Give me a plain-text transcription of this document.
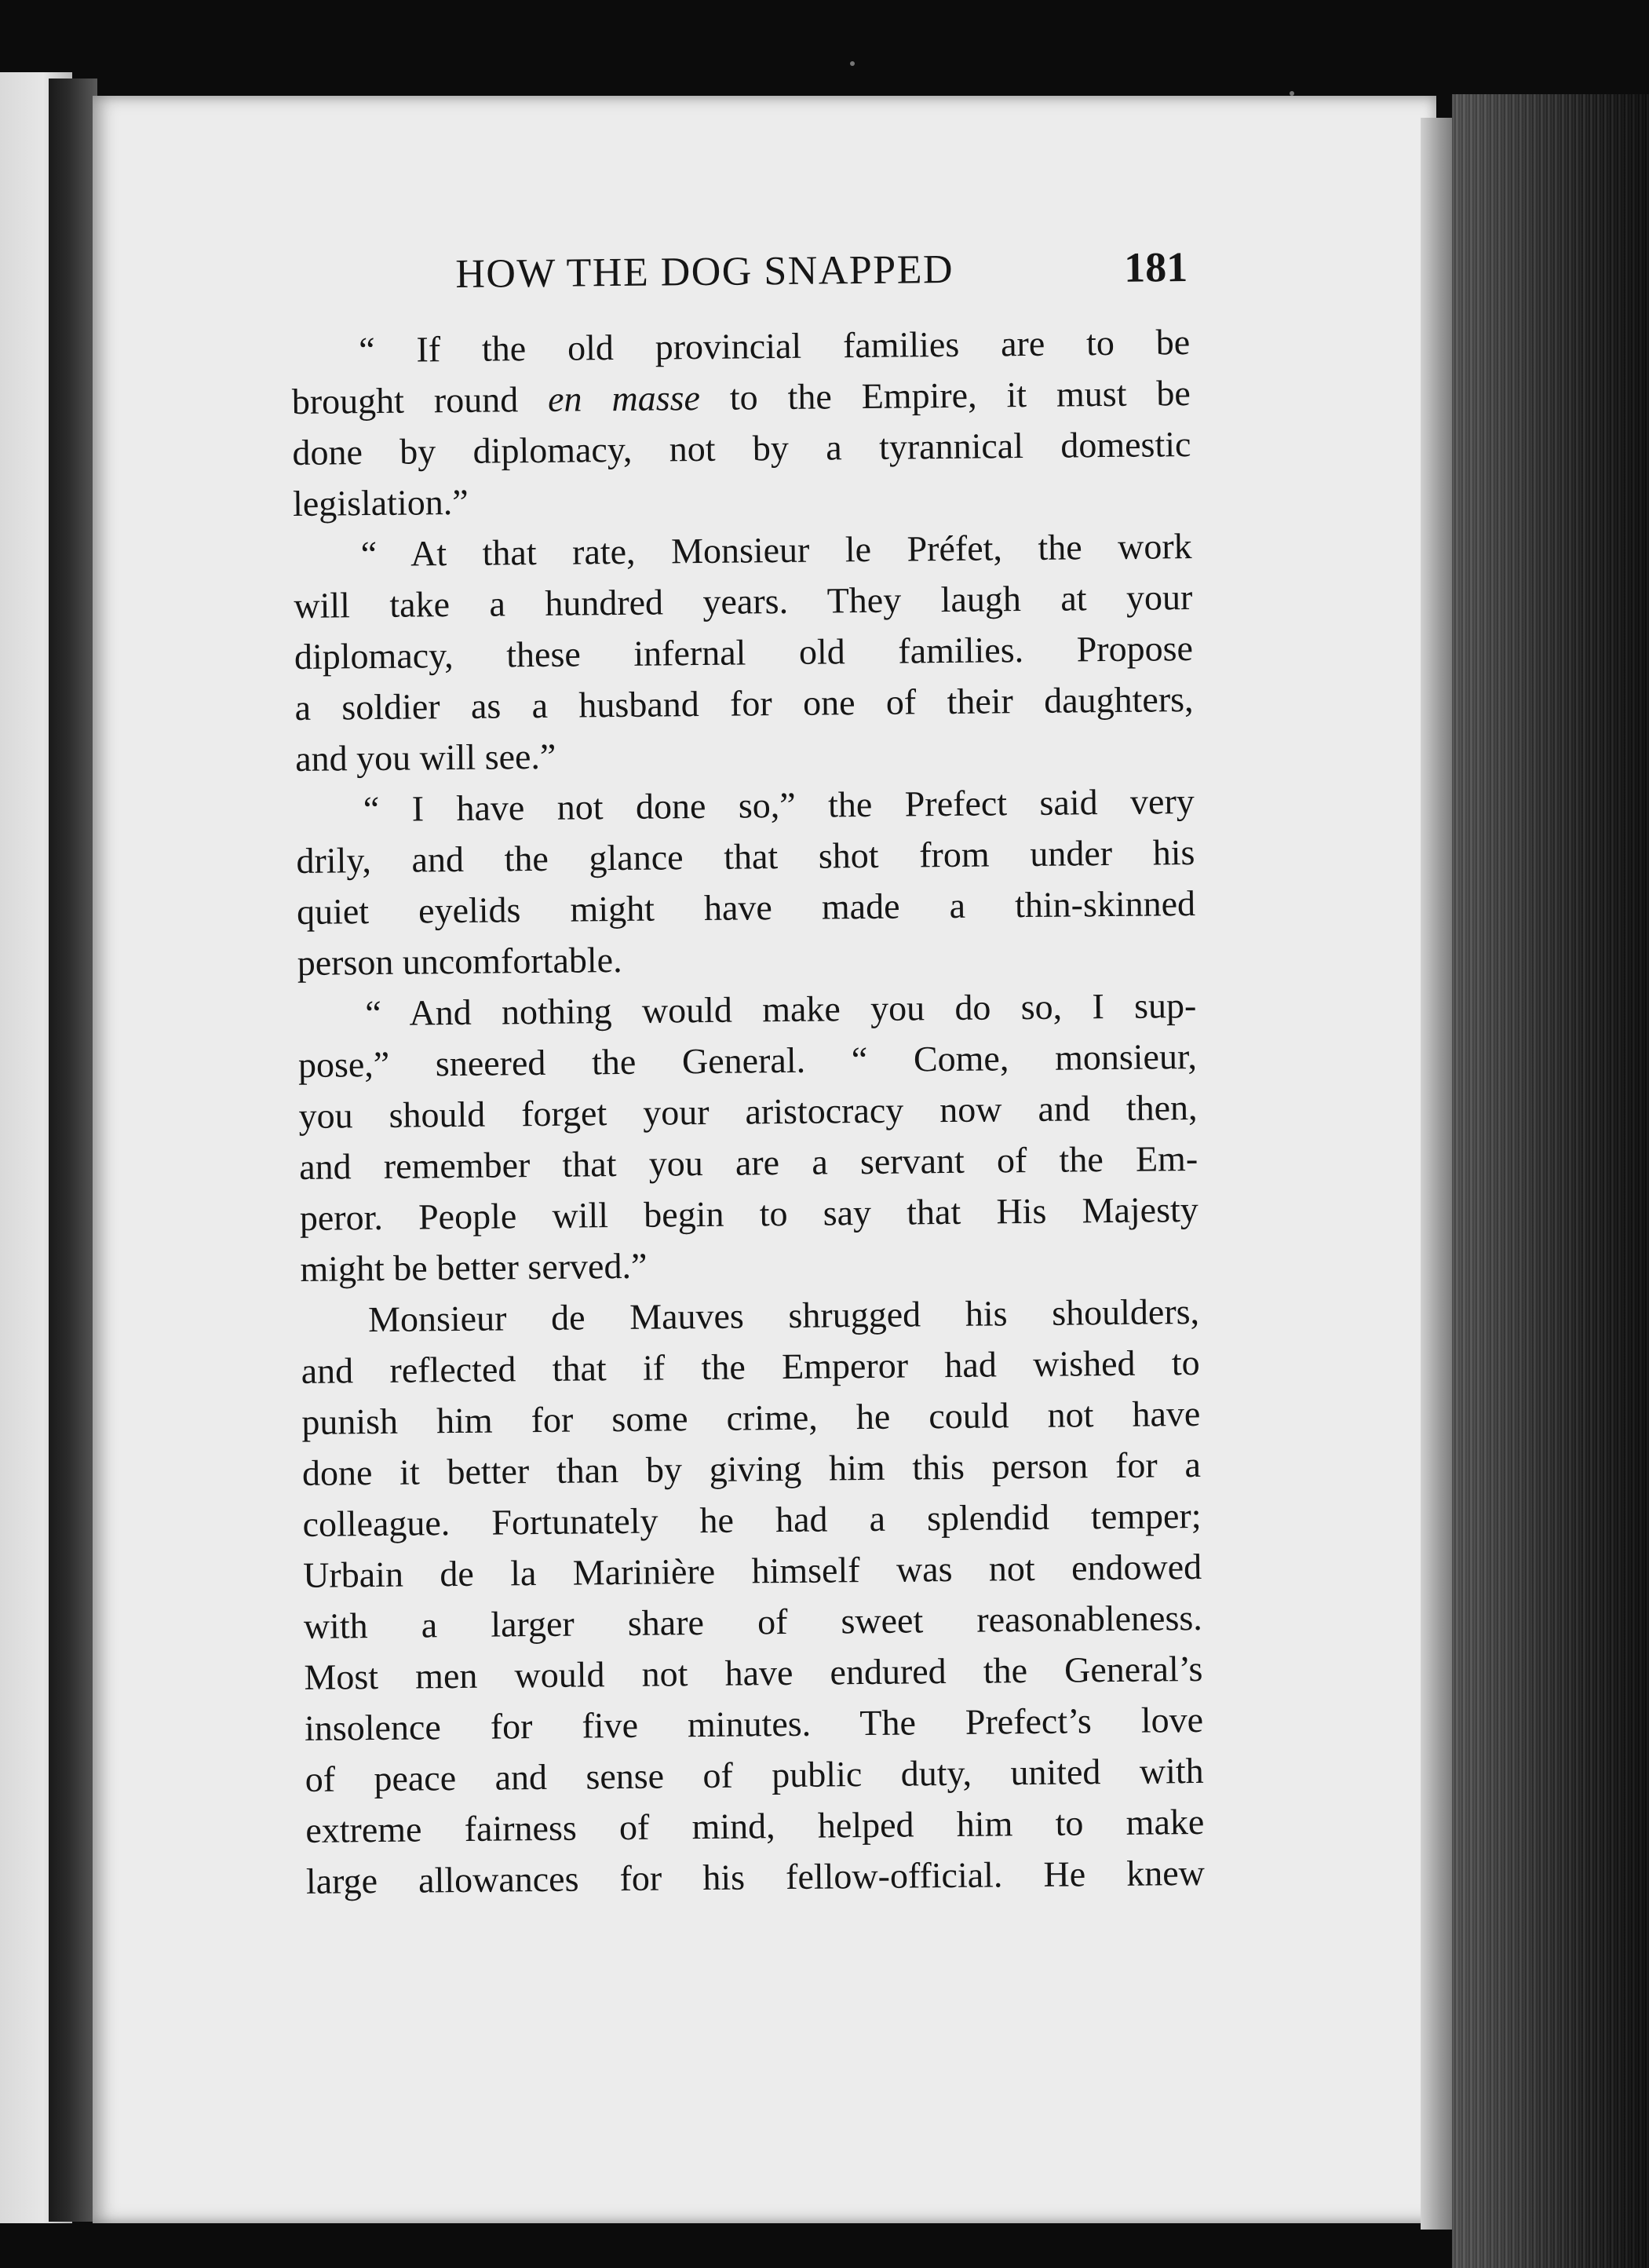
HOW THE DOG SNAPPED	181
“ If the old provincial families are to be
brought round en masse to the Empire, it must be
done by diplomacy, not by a tyrannical domestic
legislation.”
“ At that rate, Monsieur le Préfet, the work
will take a hundred years. They laugh at your
diplomacy, these infernal old families. Propose
a soldier as a husband for one of their daughters,
and you will see.”
“ I have not done so,” the Prefect said very
drily, and the glance that shot from under his
quiet eyelids might have made a thin-skinned
person uncomfortable.
“ And nothing would make you do so, I sup-
pose,” sneered the General. “ Come, monsieur,
you should forget your aristocracy now and then,
and remember that you are a servant of the Em-
peror. People will begin to say that His Majesty
might be better served.”
Monsieur de Mauves shrugged his shoulders,
and reflected that if the Emperor had wished to
punish him for some crime, he could not have
done it better than by giving him this person for a
colleague. Fortunately he had a splendid temper;
Urbain de la Marinière himself was not endowed
with a larger share of sweet reasonableness.
Most men would not have endured the General’s
insolence for five minutes. The Prefect’s love
of peace and sense of public duty, united with
extreme fairness of mind, helped him to make
large allowances for his fellow-official. He knew
